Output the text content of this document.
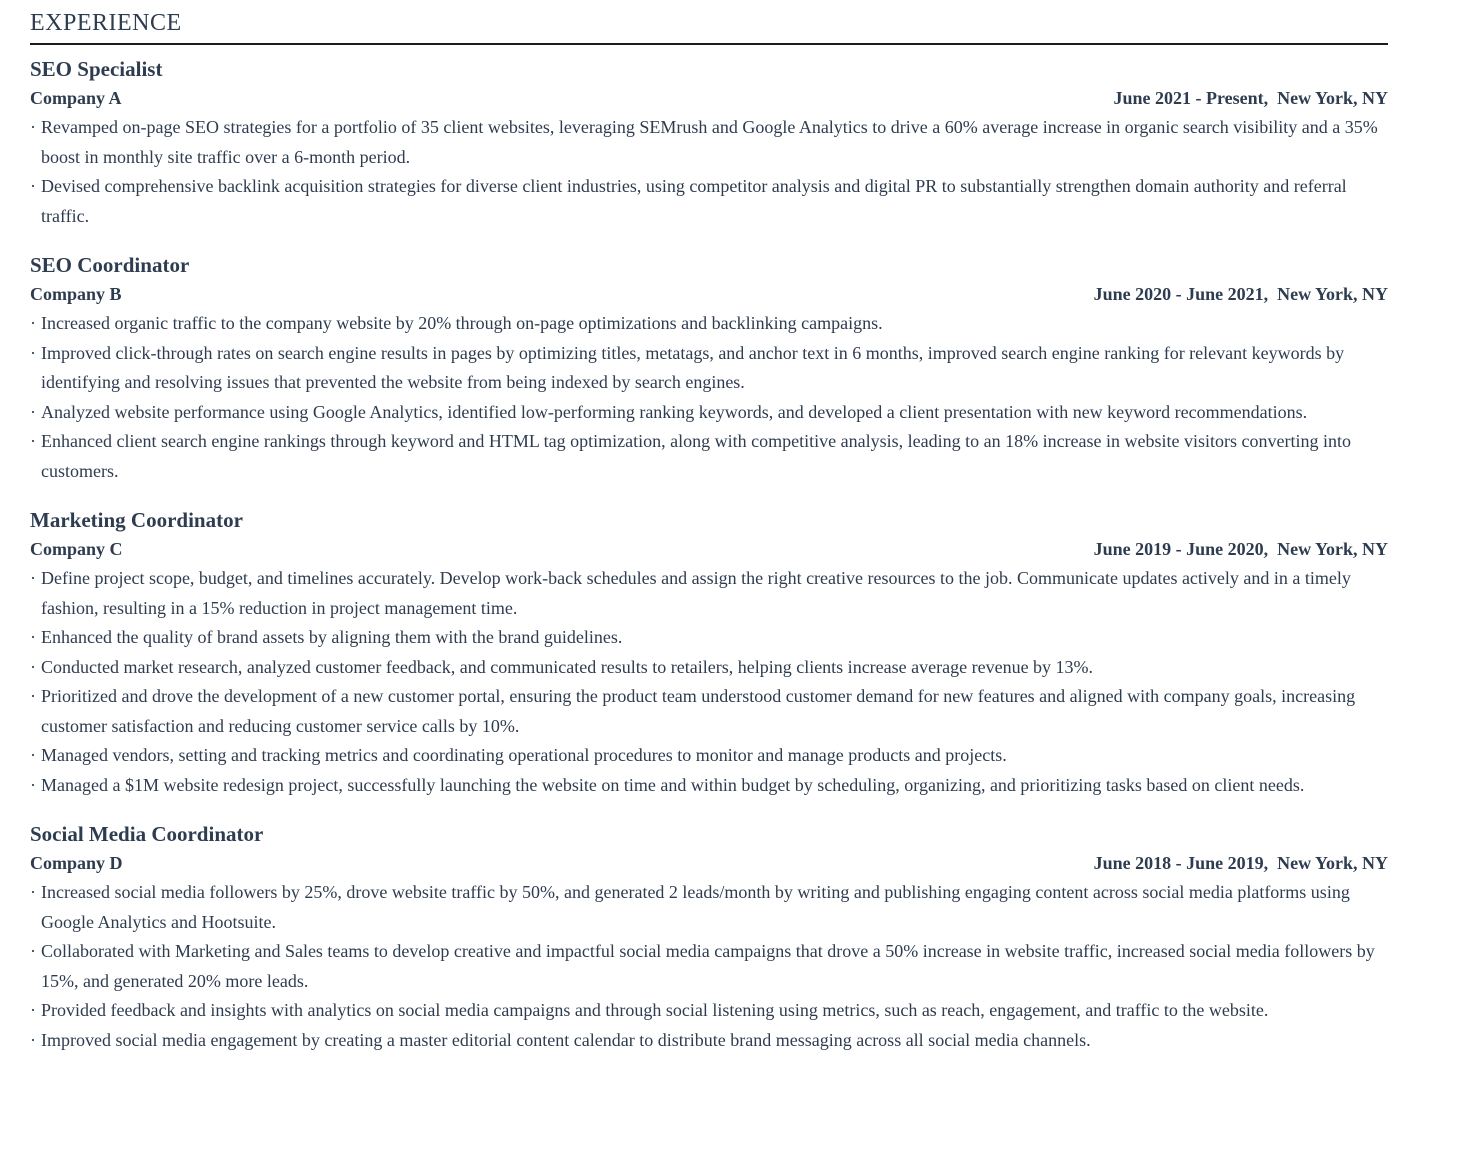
EXPERIENCE
SEO Specialist
Company A	June 2021 - Present,  New York, NY
· Revamped on-page SEO strategies for a portfolio of 35 client websites, leveraging SEMrush and Google Analytics to drive a 60% average increase in organic search visibility and a 35% boost in monthly site traffic over a 6-month period.
· Devised comprehensive backlink acquisition strategies for diverse client industries, using competitor analysis and digital PR to substantially strengthen domain authority and referral traffic.
SEO Coordinator
Company B	June 2020 - June 2021,  New York, NY
· Increased organic traffic to the company website by 20% through on-page optimizations and backlinking campaigns.
· Improved click-through rates on search engine results in pages by optimizing titles, metatags, and anchor text in 6 months, improved search engine ranking for relevant keywords by identifying and resolving issues that prevented the website from being indexed by search engines.
· Analyzed website performance using Google Analytics, identified low-performing ranking keywords, and developed a client presentation with new keyword recommendations.
· Enhanced client search engine rankings through keyword and HTML tag optimization, along with competitive analysis, leading to an 18% increase in website visitors converting into customers.
Marketing Coordinator
Company C	June 2019 - June 2020,  New York, NY
· Define project scope, budget, and timelines accurately. Develop work-back schedules and assign the right creative resources to the job. Communicate updates actively and in a timely fashion, resulting in a 15% reduction in project management time.
· Enhanced the quality of brand assets by aligning them with the brand guidelines.
· Conducted market research, analyzed customer feedback, and communicated results to retailers, helping clients increase average revenue by 13%.
· Prioritized and drove the development of a new customer portal, ensuring the product team understood customer demand for new features and aligned with company goals, increasing customer satisfaction and reducing customer service calls by 10%.
· Managed vendors, setting and tracking metrics and coordinating operational procedures to monitor and manage products and projects.
· Managed a $1M website redesign project, successfully launching the website on time and within budget by scheduling, organizing, and prioritizing tasks based on client needs.
Social Media Coordinator
Company D	June 2018 - June 2019,  New York, NY
· Increased social media followers by 25%, drove website traffic by 50%, and generated 2 leads/month by writing and publishing engaging content across social media platforms using Google Analytics and Hootsuite.
· Collaborated with Marketing and Sales teams to develop creative and impactful social media campaigns that drove a 50% increase in website traffic, increased social media followers by 15%, and generated 20% more leads.
· Provided feedback and insights with analytics on social media campaigns and through social listening using metrics, such as reach, engagement, and traffic to the website.
· Improved social media engagement by creating a master editorial content calendar to distribute brand messaging across all social media channels.
